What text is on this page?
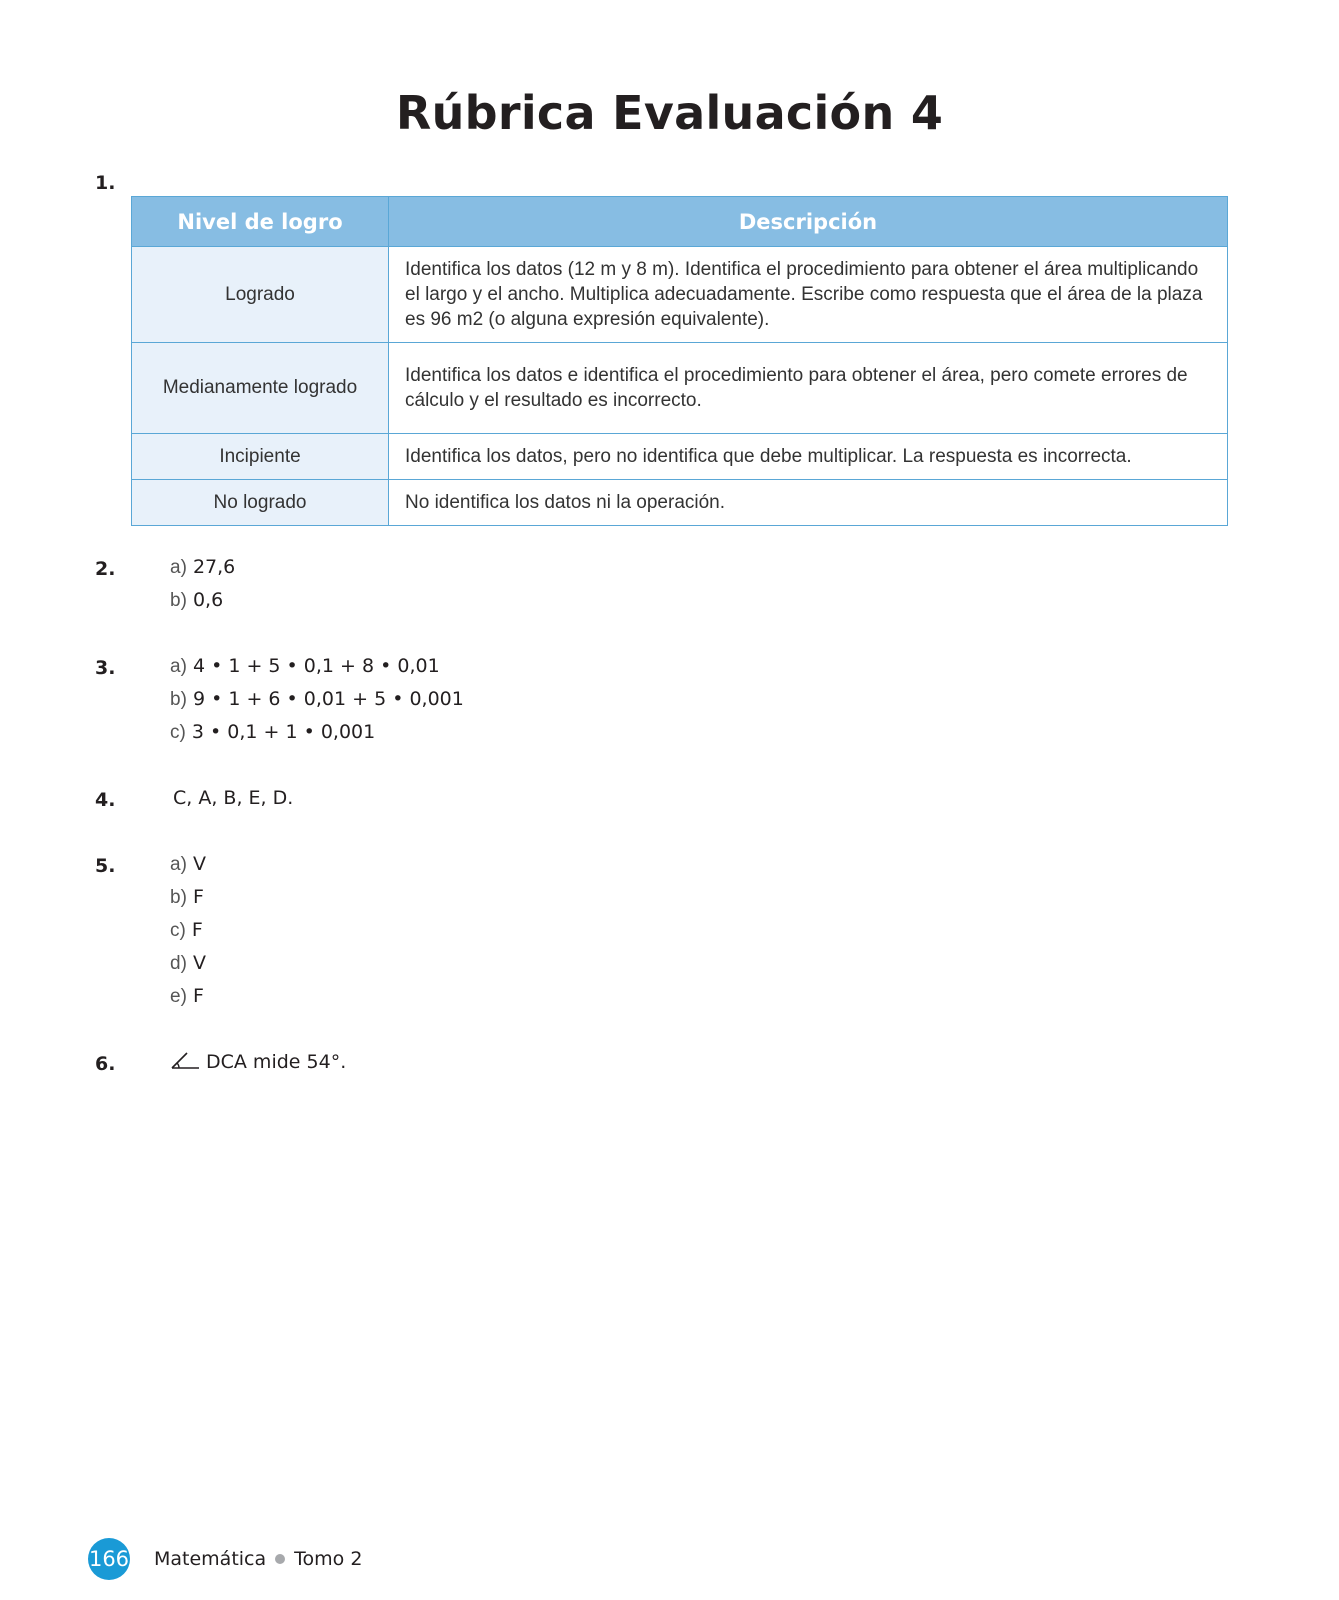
Rúbrica Evaluación 4
1.
Nivel de logro	Descripción
Logrado	Identifica los datos (12 m y 8 m). Identifica el procedimiento para obtener el área multiplicando el largo y el ancho. Multiplica adecuadamente. Escribe como respuesta que el área de la plaza es 96 m2 (o alguna expresión equivalente).
Medianamente logrado	Identifica los datos e identifica el procedimiento para obtener el área, pero comete errores de cálculo y el resultado es incorrecto.
Incipiente	Identifica los datos, pero no identifica que debe multiplicar. La respuesta es incorrecta.
No logrado	No identifica los datos ni la operación.
2.	a) 27,6
b) 0,6
3.	a) 4 • 1 + 5 • 0,1 + 8 • 0,01
b) 9 • 1 + 6 • 0,01 + 5 • 0,001
c) 3 • 0,1 + 1 • 0,001
4.	C, A, B, E, D.
5.	a) V
b) F
c) F
d) V
e) F
6.	DCA mide 54°.
166 Matemática Tomo 2
